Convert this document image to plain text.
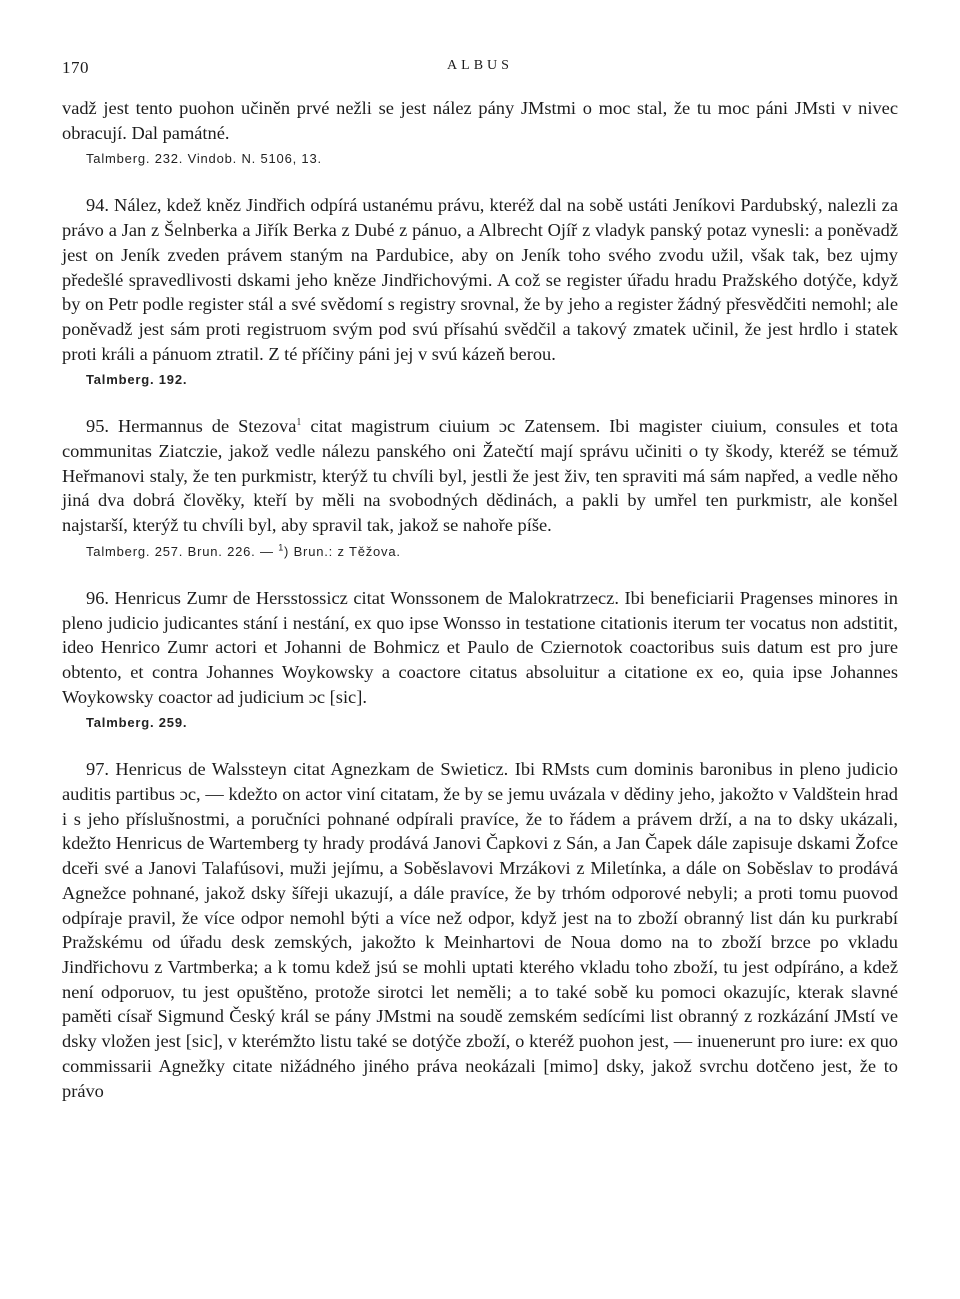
170	ALBUS

vadž jest tento puohon učiněn prvé nežli se jest nález pány JMstmi o moc stal, že tu moc páni JMsti v nivec obracují. Dal památné.

Talmberg. 232. Vindob. N. 5106, 13.

94. Nález, kdež kněz Jindřich odpírá ustanému právu, kteréž dal na sobě ustáti Jeníkovi Pardubský, nalezli za právo a Jan z Šelnberka a Jiřík Berka z Dubé z pánuo, a Albrecht Ojíř z vladyk panský potaz vynesli: a poněvadž jest on Jeník zveden právem staným na Pardubice, aby on Jeník toho svého zvodu užil, však tak, bez ujmy předešlé spravedlivosti dskami jeho kněze Jindřichovými. A což se register úřadu hradu Pražského dotýče, když by on Petr podle register stál a své svědomí s registry srovnal, že by jeho a register žádný přesvědčiti nemohl; ale poněvadž jest sám proti registruom svým pod svú přísahú svědčil a takový zmatek učinil, že jest hrdlo i statek proti králi a pánuom ztratil. Z té příčiny páni jej v svú kázeň berou.

Talmberg. 192.

95. Hermannus de Stezova$^1$ citat magistrum ciuium ɔc Zatensem. Ibi magister ciuium, consules et tota communitas Ziatczie, jakož vedle nálezu panského oni Žatečtí mají správu učiniti o ty škody, kteréž se témuž Heřmanovi staly, že ten purkmistr, kterýž tu chvíli byl, jestli že jest živ, ten spraviti má sám napřed, a vedle něho jiná dva dobrá člověky, kteří by měli na svobodných dědinách, a pakli by umřel ten purkmistr, ale konšel najstarší, kterýž tu chvíli byl, aby spravil tak, jakož se nahoře píše.

Talmberg. 257. Brun. 226. — $^1$) Brun.: z Těžova.

96. Henricus Zumr de Hersstossicz citat Wonssonem de Malokratrzecz. Ibi beneficiarii Pragenses minores in pleno judicio judicantes stání i nestání, ex quo ipse Wonsso in testatione citationis iterum ter vocatus non adstitit, ideo Henrico Zumr actori et Johanni de Bohmicz et Paulo de Cziernotok coactoribus suis datum est pro jure obtento, et contra Johannes Woykowsky a coactore citatus absoluitur a citatione ex eo, quia ipse Johannes Woykowsky coactor ad judicium ɔc [sic].

Talmberg. 259.

97. Henricus de Walssteyn citat Agnezkam de Swieticz. Ibi RMsts cum dominis baronibus in pleno judicio auditis partibus ɔc, — kdežto on actor viní citatam, že by se jemu uvázala v dědiny jeho, jakožto v Valdštein hrad i s jeho příslušnostmi, a poručníci pohnané odpírali pravíce, že to řádem a právem drží, a na to dsky ukázali, kdežto Henricus de Wartemberg ty hrady prodává Janovi Čapkovi z Sán, a Jan Čapek dále zapisuje dskami Žofce dceři své a Janovi Talafúsovi, muži jejímu, a Soběslavovi Mrzákovi z Miletínka, a dále on Soběslav to prodává Agnežce pohnané, jakož dsky šířeji ukazují, a dále pravíce, že by trhóm odporové nebyli; a proti tomu puovod odpíraje pravil, že více odpor nemohl býti a více než odpor, když jest na to zboží obranný list dán ku purkrabí Pražskému od úřadu desk zemských, jakožto k Meinhartovi de Noua domo na to zboží brzce po vkladu Jindřichovu z Vartmberka; a k tomu kdež jsú se mohli uptati kterého vkladu toho zboží, tu jest odpíráno, a kdež není odporuov, tu jest opuštěno, protože sirotci let neměli; a to také sobě ku pomoci okazujíc, kterak slavné paměti císař Sigmund Český král se pány JMstmi na soudě zemském sedícími list obranný z rozkázání JMstí ve dsky vložen jest [sic], v kterémžto listu také se dotýče zboží, o kteréž puohon jest, — inuenerunt pro iure: ex quo commissarii Agnežky citate nižádného jiného práva neokázali [mimo] dsky, jakož svrchu dotčeno jest, že to právo
